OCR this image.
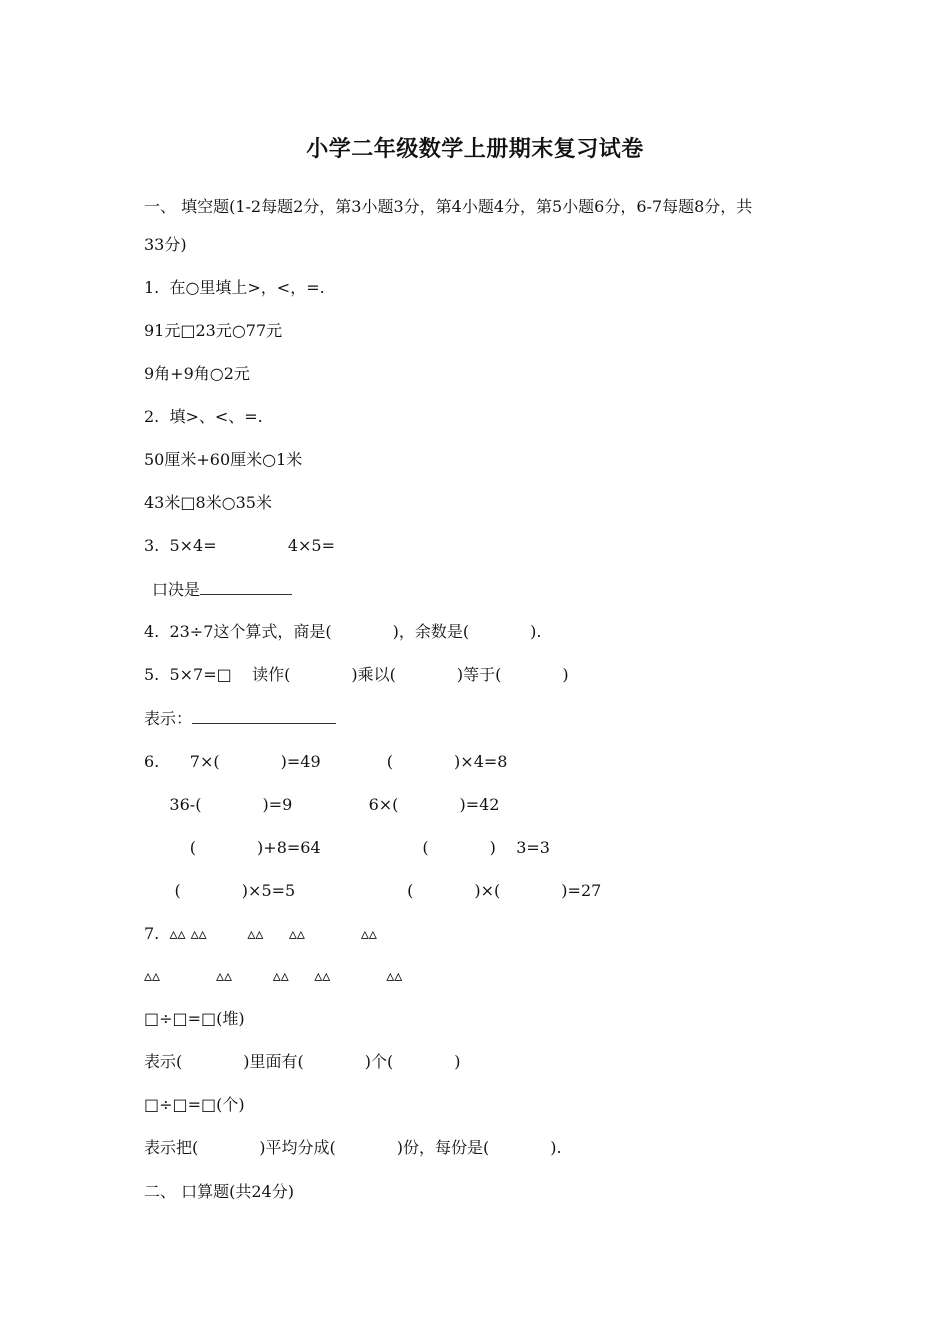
小学二年级数学上册期末复习试卷
一、 填空题(1-2每题2分，第3小题3分，第4小题4分，第5小题6分，6-7每题8分，共
33分)
1.  在○里填上>，<，=.
91元□23元○77元
9角+9角○2元
2.  填>、<、=.
50厘米+60厘米○1米
43米□8米○35米
3.  5×4=              4×5=
口决是
4.  23÷7这个算式，商是(            )，余数是(            ).
5.  5×7=□    读作(            )乘以(            )等于(            )
表示：
6.      7×(            )=49             (            )×4=8
36-(            )=9               6×(            )=42
(            )+8=64                    (            )    3=3
(            )×5=5                      (            )×(            )=27
7.  ▵▵ ▵▵        ▵▵     ▵▵           ▵▵
▵▵           ▵▵        ▵▵     ▵▵           ▵▵
□÷□=□(堆)
表示(            )里面有(            )个(            )
□÷□=□(个)
表示把(            )平均分成(            )份，每份是(            ).
二、 口算题(共24分)
